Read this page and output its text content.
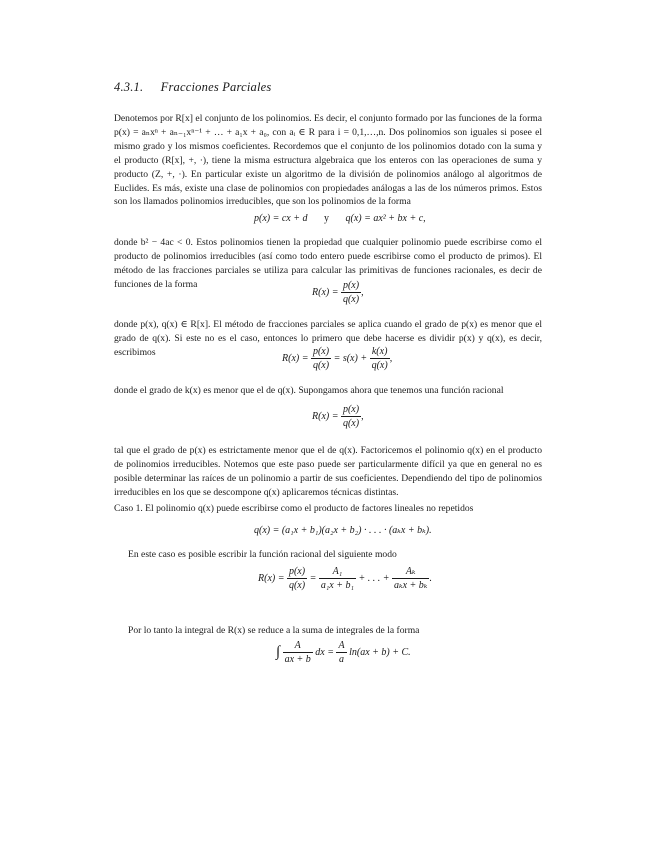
4.3.1. Fracciones Parciales

Denotemos por R[x] el conjunto de los polinomios. Es decir, el conjunto formado por las funciones de la forma p(x) = aₙxⁿ + aₙ₋₁xⁿ⁻¹ + … + a₁x + a₀, con aᵢ ∈ R para i = 0,1,…,n. Dos polinomios son iguales si posee el mismo grado y los mismos coeficientes. Recordemos que el conjunto de los polinomios dotado con la suma y el producto (R[x], +, ·), tiene la misma estructura algebraica que los enteros con las operaciones de suma y producto (Z, +, ·). En particular existe un algoritmo de la división de polinomios análogo al algoritmos de Euclides. Es más, existe una clase de polinomios con propiedades análogas a las de los números primos. Estos son los llamados polinomios irreducibles, que son los polinomios de la forma

p(x) = cx + d y q(x) = ax² + bx + c,

donde b² − 4ac < 0. Estos polinomios tienen la propiedad que cualquier polinomio puede escribirse como el producto de polinomios irreducibles (así como todo entero puede escribirse como el producto de primos). El método de las fracciones parciales se utiliza para calcular las primitivas de funciones racionales, es decir de funciones de la forma

$R(x) = \frac{p(x)}{q(x)}$ ,

donde p(x), q(x) ∈ R[x]. El método de fracciones parciales se aplica cuando el grado de p(x) es menor que el grado de q(x). Si este no es el caso, entonces lo primero que debe hacerse es dividir p(x) y q(x), es decir, escribimos

$R(x) = \frac{p(x)}{q(x)} = s(x) + \frac{k(x)}{q(x)}$ ,

donde el grado de k(x) es menor que el de q(x). Supongamos ahora que tenemos una función racional

$R(x) = \frac{p(x)}{q(x)}$ ,

tal que el grado de p(x) es estrictamente menor que el de q(x). Factoricemos el polinomio q(x) en el producto de polinomios irreducibles. Notemos que este paso puede ser particularmente difícil ya que en general no es posible determinar las raíces de un polinomio a partir de sus coeficientes. Dependiendo del tipo de polinomios irreducibles en los que se descompone q(x) aplicaremos técnicas distintas.

Caso 1. El polinomio q(x) puede escribirse como el producto de factores lineales no repetidos
q(x) = (a₁x + b₁)(a₂x + b₂) · . . . · (aₖx + bₖ).
En este caso es posible escribir la función racional del siguiente modo
$R(x) = \frac{p(x)}{q(x)} = \frac{\text{A₁}}{\text{a₁x + b₁}}$ + . . . + $\frac{\text{Aₖ}}{\text{aₖx + bₖ}}$ .
Por lo tanto la integral de R(x) se reduce a la suma de integrales de la forma
∫ $\frac{A}{ax + b}$ dx = $\frac{A}{a} \ln(ax + b) + C$.
